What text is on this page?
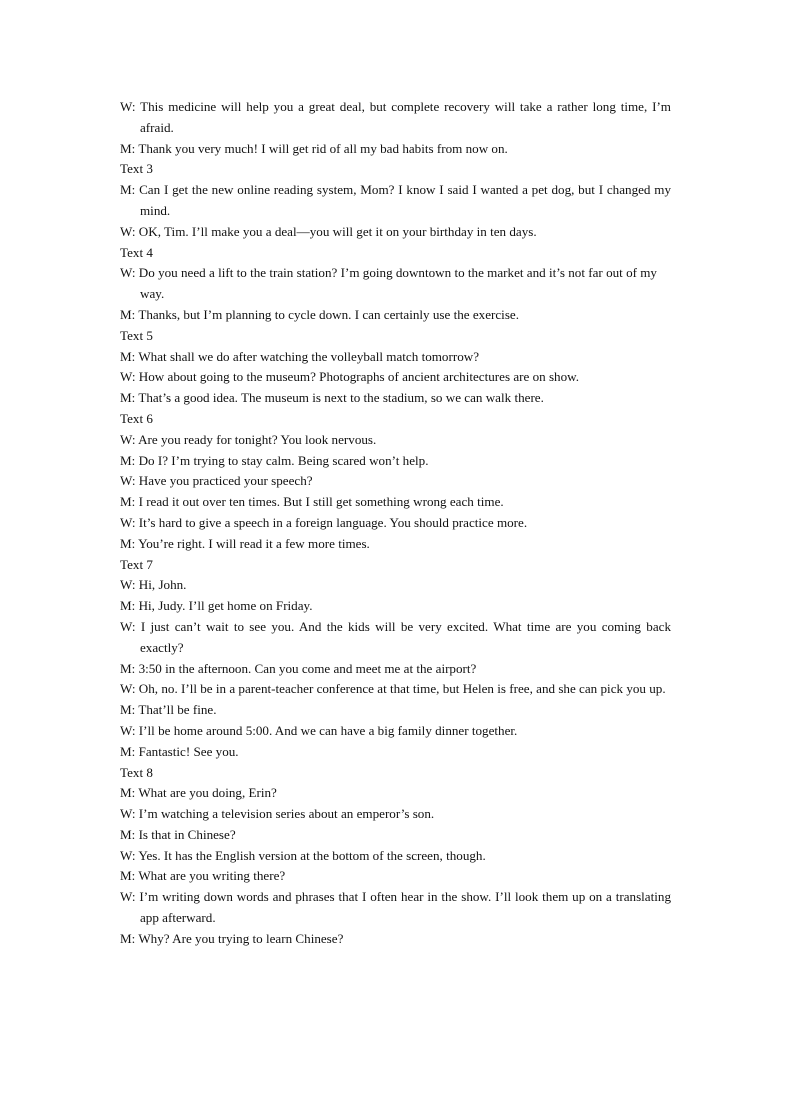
W: This medicine will help you a great deal, but complete recovery will take a rather long time, I’m afraid.

M: Thank you very much! I will get rid of all my bad habits from now on.

Text 3

M: Can I get the new online reading system, Mom? I know I said I wanted a pet dog, but I changed my mind.

W: OK, Tim. I’ll make you a deal—you will get it on your birthday in ten days.

Text 4

W: Do you need a lift to the train station? I’m going downtown to the market and it’s not far out of my way.

M: Thanks, but I’m planning to cycle down. I can certainly use the exercise.

Text 5

M: What shall we do after watching the volleyball match tomorrow?

W: How about going to the museum? Photographs of ancient architectures are on show.

M: That’s a good idea. The museum is next to the stadium, so we can walk there.

Text 6

W: Are you ready for tonight? You look nervous.

M: Do I? I’m trying to stay calm. Being scared won’t help.

W: Have you practiced your speech?

M: I read it out over ten times. But I still get something wrong each time.

W: It’s hard to give a speech in a foreign language. You should practice more.

M: You’re right. I will read it a few more times.

Text 7

W: Hi, John.

M: Hi, Judy. I’ll get home on Friday.

W: I just can’t wait to see you. And the kids will be very excited. What time are you coming back exactly?

M: 3:50 in the afternoon. Can you come and meet me at the airport?

W: Oh, no. I’ll be in a parent-teacher conference at that time, but Helen is free, and she can pick you up.

M: That’ll be fine.

W: I’ll be home around 5:00. And we can have a big family dinner together.

M: Fantastic! See you.

Text 8

M: What are you doing, Erin?

W: I’m watching a television series about an emperor’s son.

M: Is that in Chinese?

W: Yes. It has the English version at the bottom of the screen, though.

M: What are you writing there?

W: I’m writing down words and phrases that I often hear in the show. I’ll look them up on a translating app afterward.

M: Why? Are you trying to learn Chinese?
